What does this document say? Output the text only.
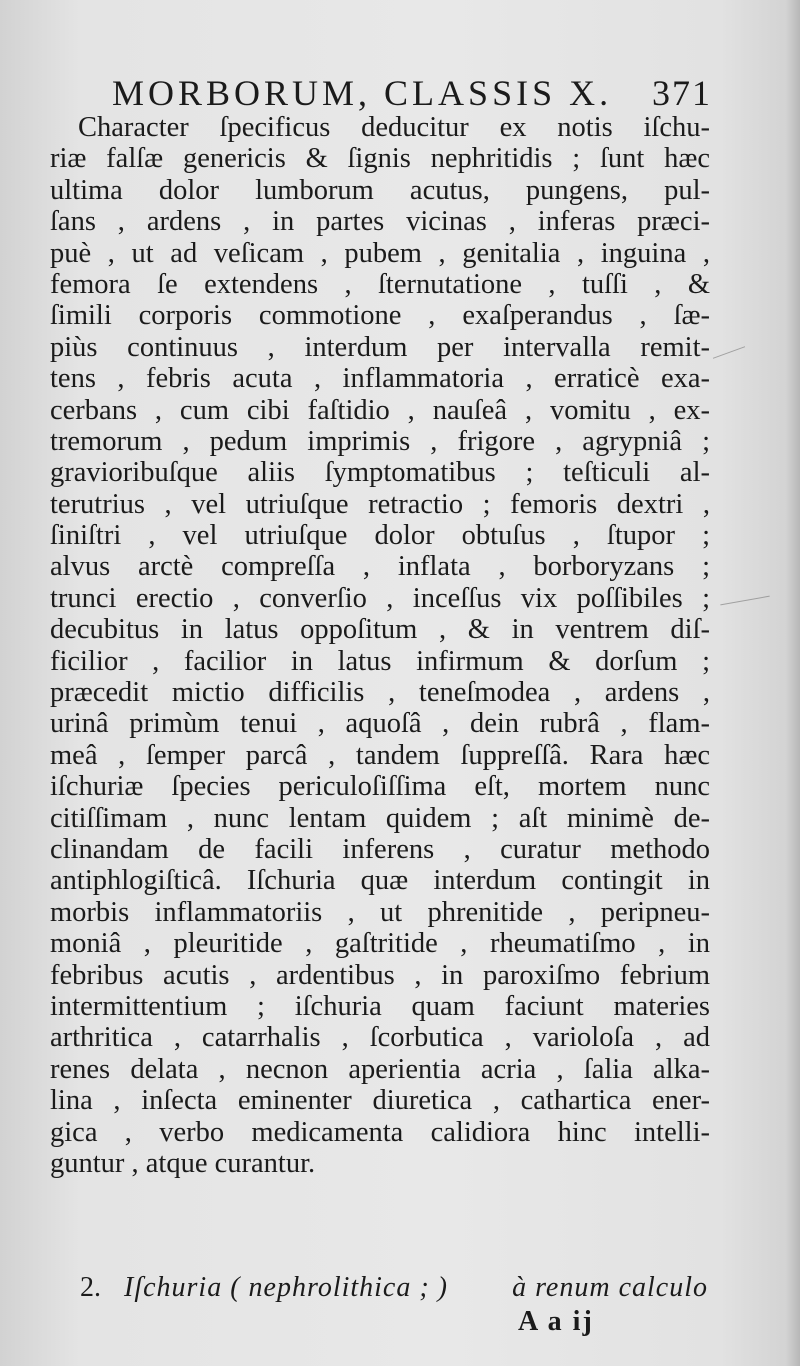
MORBORUM, CLASSIS X. 371
Character ſpecificus deducitur ex notis iſchu-
riæ falſæ genericis & ſignis nephritidis ; ſunt hæc
ultima dolor lumborum acutus, pungens, pul-
ſans , ardens , in partes vicinas , inferas præci-
puè , ut ad veſicam , pubem , genitalia , inguina ,
femora ſe extendens , ſternutatione , tuſſi , &
ſimili corporis commotione , exaſperandus , ſæ-
piùs continuus , interdum per intervalla remit-
tens , febris acuta , inflammatoria , erraticè exa-
cerbans , cum cibi faſtidio , nauſeâ , vomitu , ex-
tremorum , pedum imprimis , frigore , agrypniâ ;
gravioribuſque aliis ſymptomatibus ; teſticuli al-
terutrius , vel utriuſque retractio ; femoris dextri ,
ſiniſtri , vel utriuſque dolor obtuſus , ſtupor ;
alvus arctè compreſſa , inflata , borboryzans ;
trunci erectio , converſio , inceſſus vix poſſibiles ;
decubitus in latus oppoſitum , & in ventrem diſ-
ficilior , facilior in latus infirmum & dorſum ;
præcedit mictio difficilis , teneſmodea , ardens ,
urinâ primùm tenui , aquoſâ , dein rubrâ , flam-
meâ , ſemper parcâ , tandem ſuppreſſâ. Rara hæc
iſchuriæ ſpecies periculoſiſſima eſt, mortem nunc
citiſſimam , nunc lentam quidem ; aſt minimè de-
clinandam de facili inferens , curatur methodo
antiphlogiſticâ. Iſchuria quæ interdum contingit in
morbis inflammatoriis , ut phrenitide , peripneu-
moniâ , pleuritide , gaſtritide , rheumatiſmo , in
febribus acutis , ardentibus , in paroxiſmo febrium
intermittentium ; iſchuria quam faciunt materies
arthritica , catarrhalis , ſcorbutica , varioloſa , ad
renes delata , necnon aperientia acria , ſalia alka-
lina , inſecta eminenter diuretica , cathartica ener-
gica , verbo medicamenta calidiora hinc intelli-
guntur , atque curantur.
2. Iſchuria ( nephrolithica ; ) à renum calculo
A a ij
